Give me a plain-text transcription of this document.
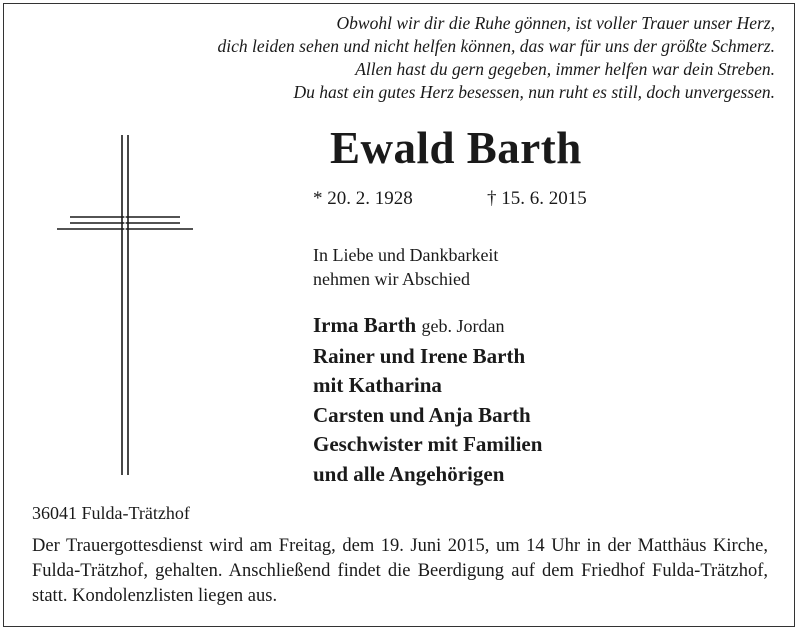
Obwohl wir dir die Ruhe gönnen, ist voller Trauer unser Herz,
dich leiden sehen und nicht helfen können, das war für uns der größte Schmerz.
Allen hast du gern gegeben, immer helfen war dein Streben.
Du hast ein gutes Herz besessen, nun ruht es still, doch unvergessen.
Ewald Barth
* 20. 2. 1928	† 15. 6. 2015
In Liebe und Dankbarkeit
nehmen wir Abschied
Irma Barth geb. Jordan
Rainer und Irene Barth
mit Katharina
Carsten und Anja Barth
Geschwister mit Familien
und alle Angehörigen
36041 Fulda-Trätzhof
Der Trauergottesdienst wird am Freitag, dem 19. Juni 2015, um 14 Uhr in der Matthäus Kirche, Fulda-Trätzhof, gehalten. Anschließend findet die Beerdigung auf dem Friedhof Fulda-Trätzhof, statt. Kondolenzlisten liegen aus.
